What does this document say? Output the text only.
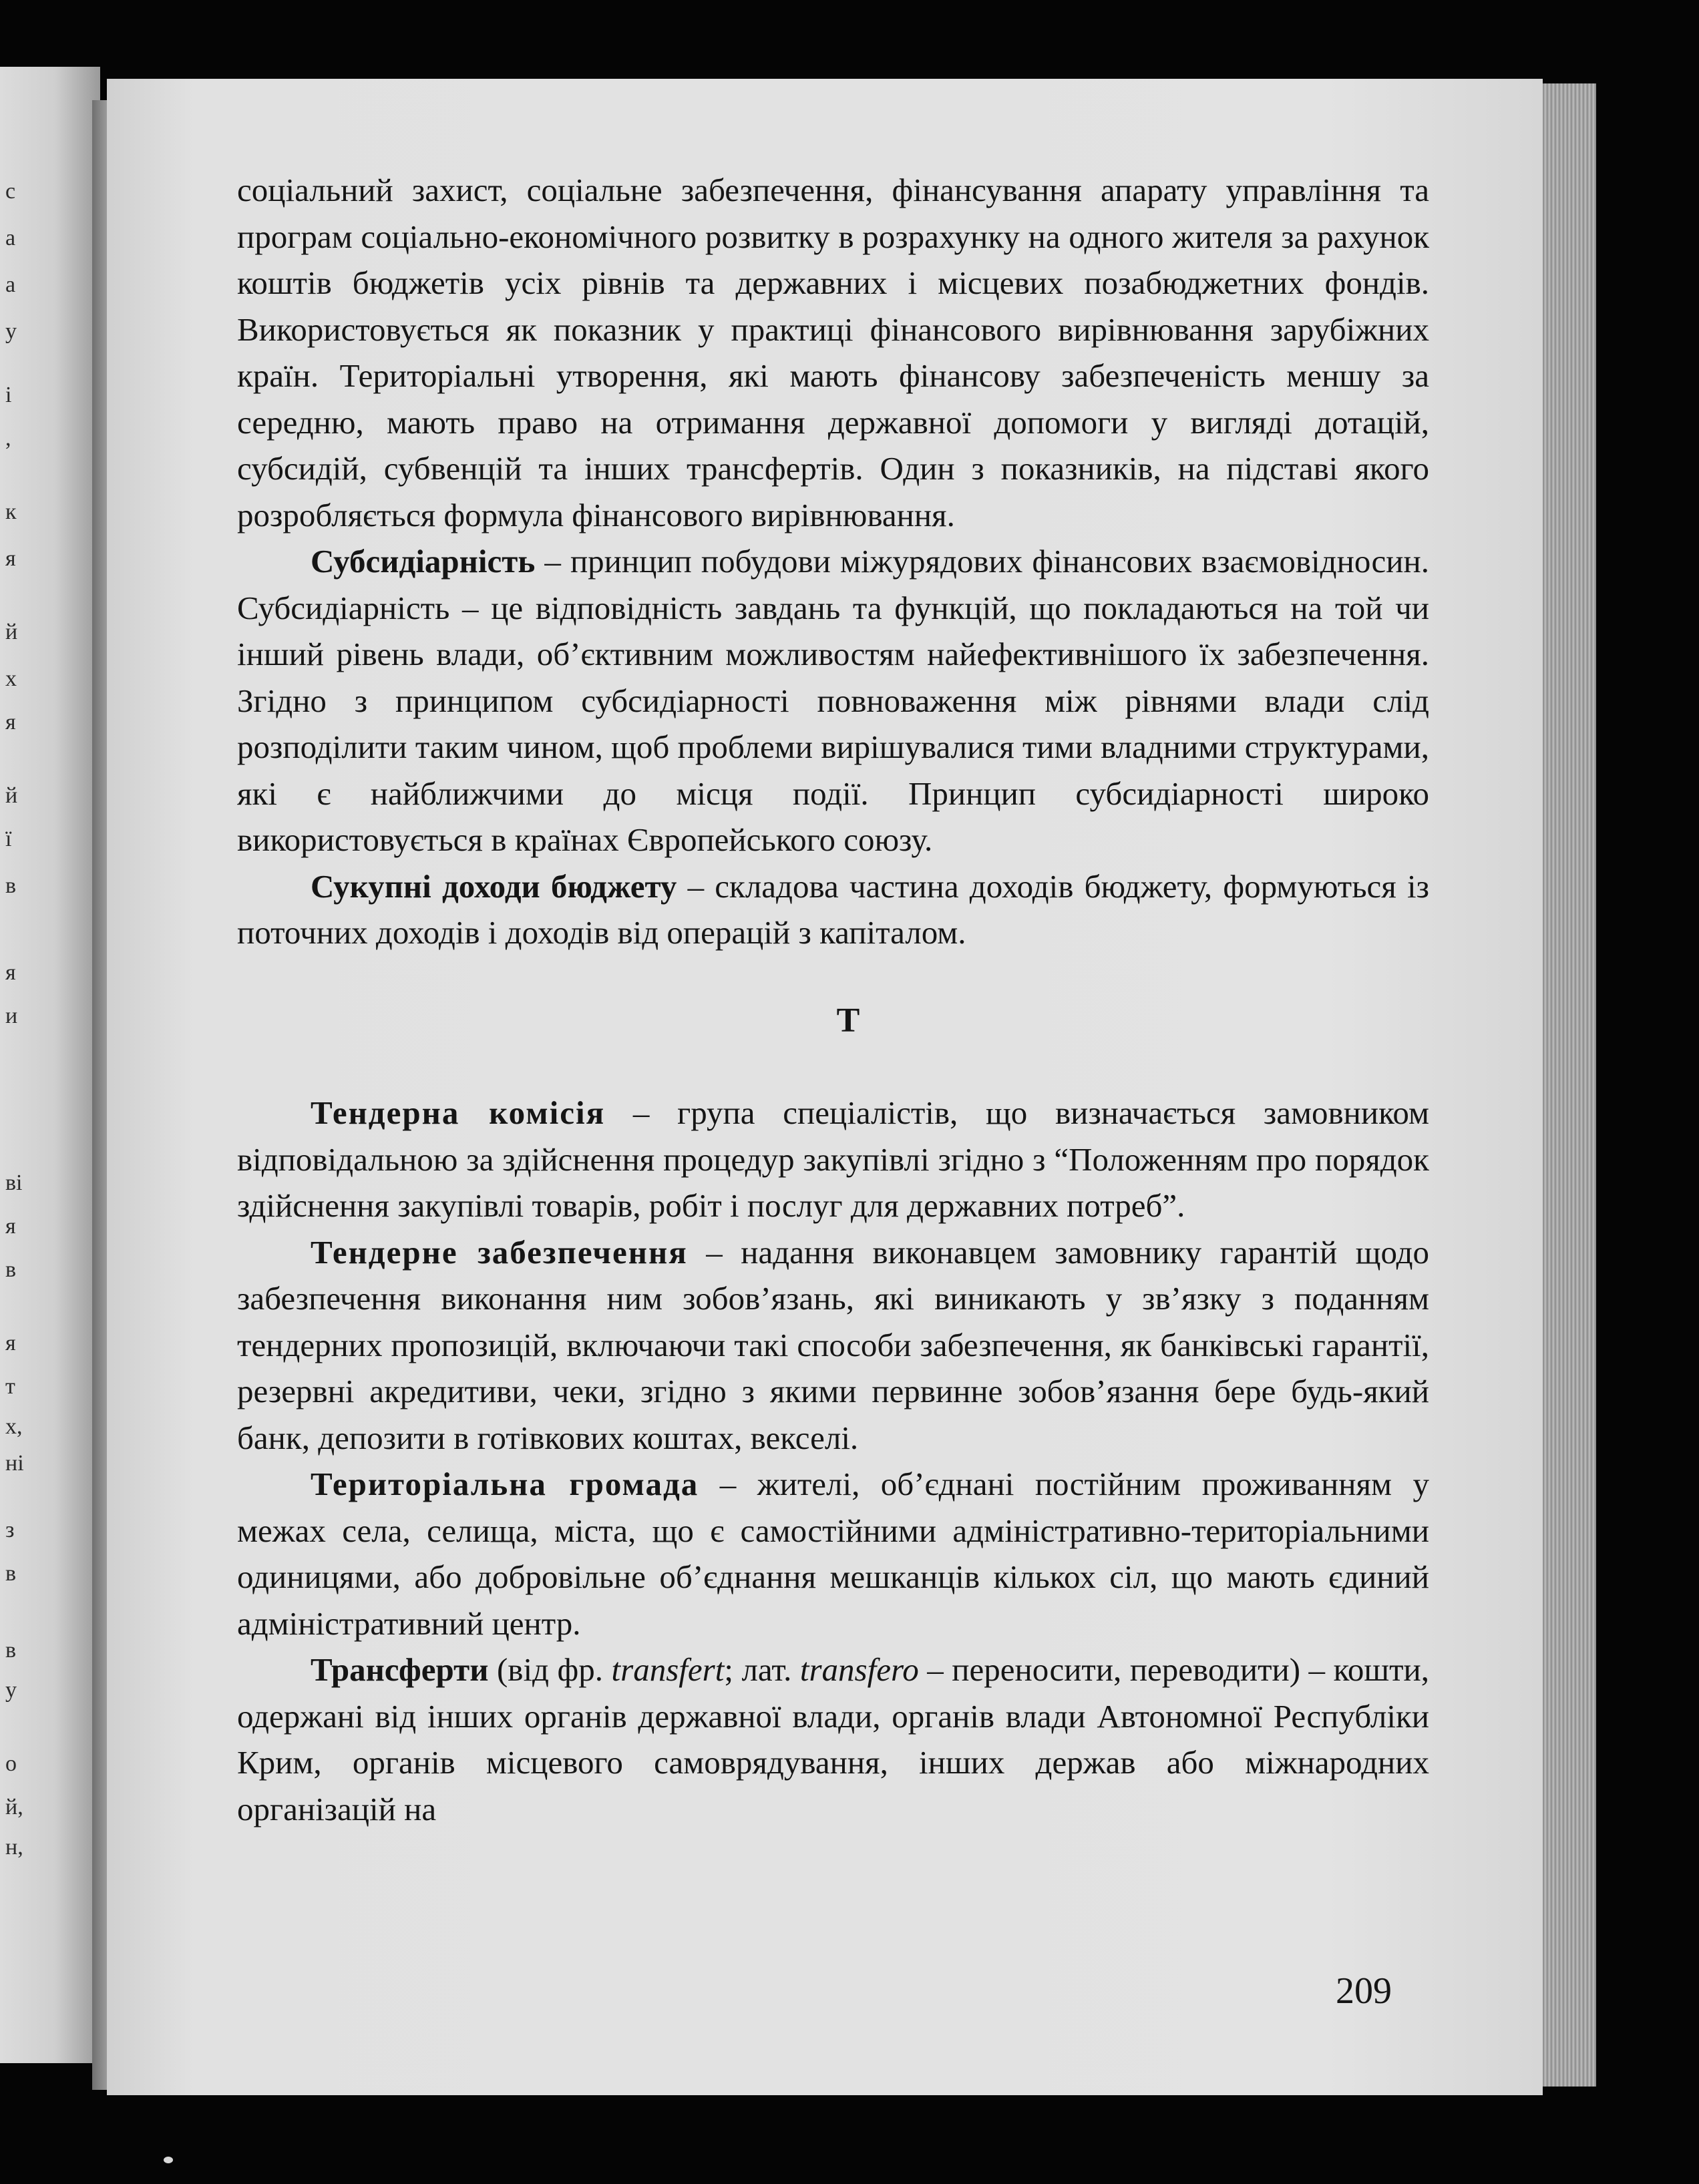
с
а
а
у
і
,
к
я
й
х
я
й
ї
в
я
и
ві
я
в
я
т
х,
ні
з
в
в
у
о
й,
н,

соціальний захист, соціальне забезпечення, фінансування апарату управління та програм соціально-економічного розвитку в розрахунку на одного жителя за рахунок коштів бюджетів усіх рівнів та державних і місцевих позабюджетних фондів. Використовується як показник у практиці фінансового вирівнювання зарубіжних країн. Територіальні утворення, які мають фінансову забезпеченість меншу за середню, мають право на отримання державної допомоги у вигляді дотацій, субсидій, субвенцій та інших трансфертів. Один з показників, на підставі якого розробляється формула фінансового вирівнювання.

Субсидіарність – принцип побудови міжурядових фінансових взаємовідносин. Субсидіарність – це відповідність завдань та функцій, що покладаються на той чи інший рівень влади, об’єктивним можливостям найефективнішого їх забезпечення. Згідно з принципом субсидіарності повноваження між рівнями влади слід розподілити таким чином, щоб проблеми вирішувалися тими владними структурами, які є найближчими до місця події. Принцип субсидіарності широко використовується в країнах Європейського союзу.

Сукупні доходи бюджету – складова частина доходів бюджету, формуються із поточних доходів і доходів від операцій з капіталом.

Т

Тендерна комісія – група спеціалістів, що визначається замовником відповідальною за здійснення процедур закупівлі згідно з “Положенням про порядок здійснення закупівлі товарів, робіт і послуг для державних потреб”.

Тендерне забезпечення – надання виконавцем замовнику гарантій щодо забезпечення виконання ним зобов’язань, які виникають у зв’язку з поданням тендерних пропозицій, включаючи такі способи забезпечення, як банківські гарантії, резервні акредитиви, чеки, згідно з якими первинне зобов’язання бере будь-який банк, депозити в готівкових коштах, векселі.

Територіальна громада – жителі, об’єднані постійним проживанням у межах села, селища, міста, що є самостійними адміністративно-територіальними одиницями, або добровільне об’єднання мешканців кількох сіл, що мають єдиний адміністративний центр.

Трансферти (від фр. transfert; лат. transfero – переносити, переводити) – кошти, одержані від інших органів державної влади, органів влади Автономної Республіки Крим, органів місцевого самоврядування, інших держав або міжнародних організацій на

209
